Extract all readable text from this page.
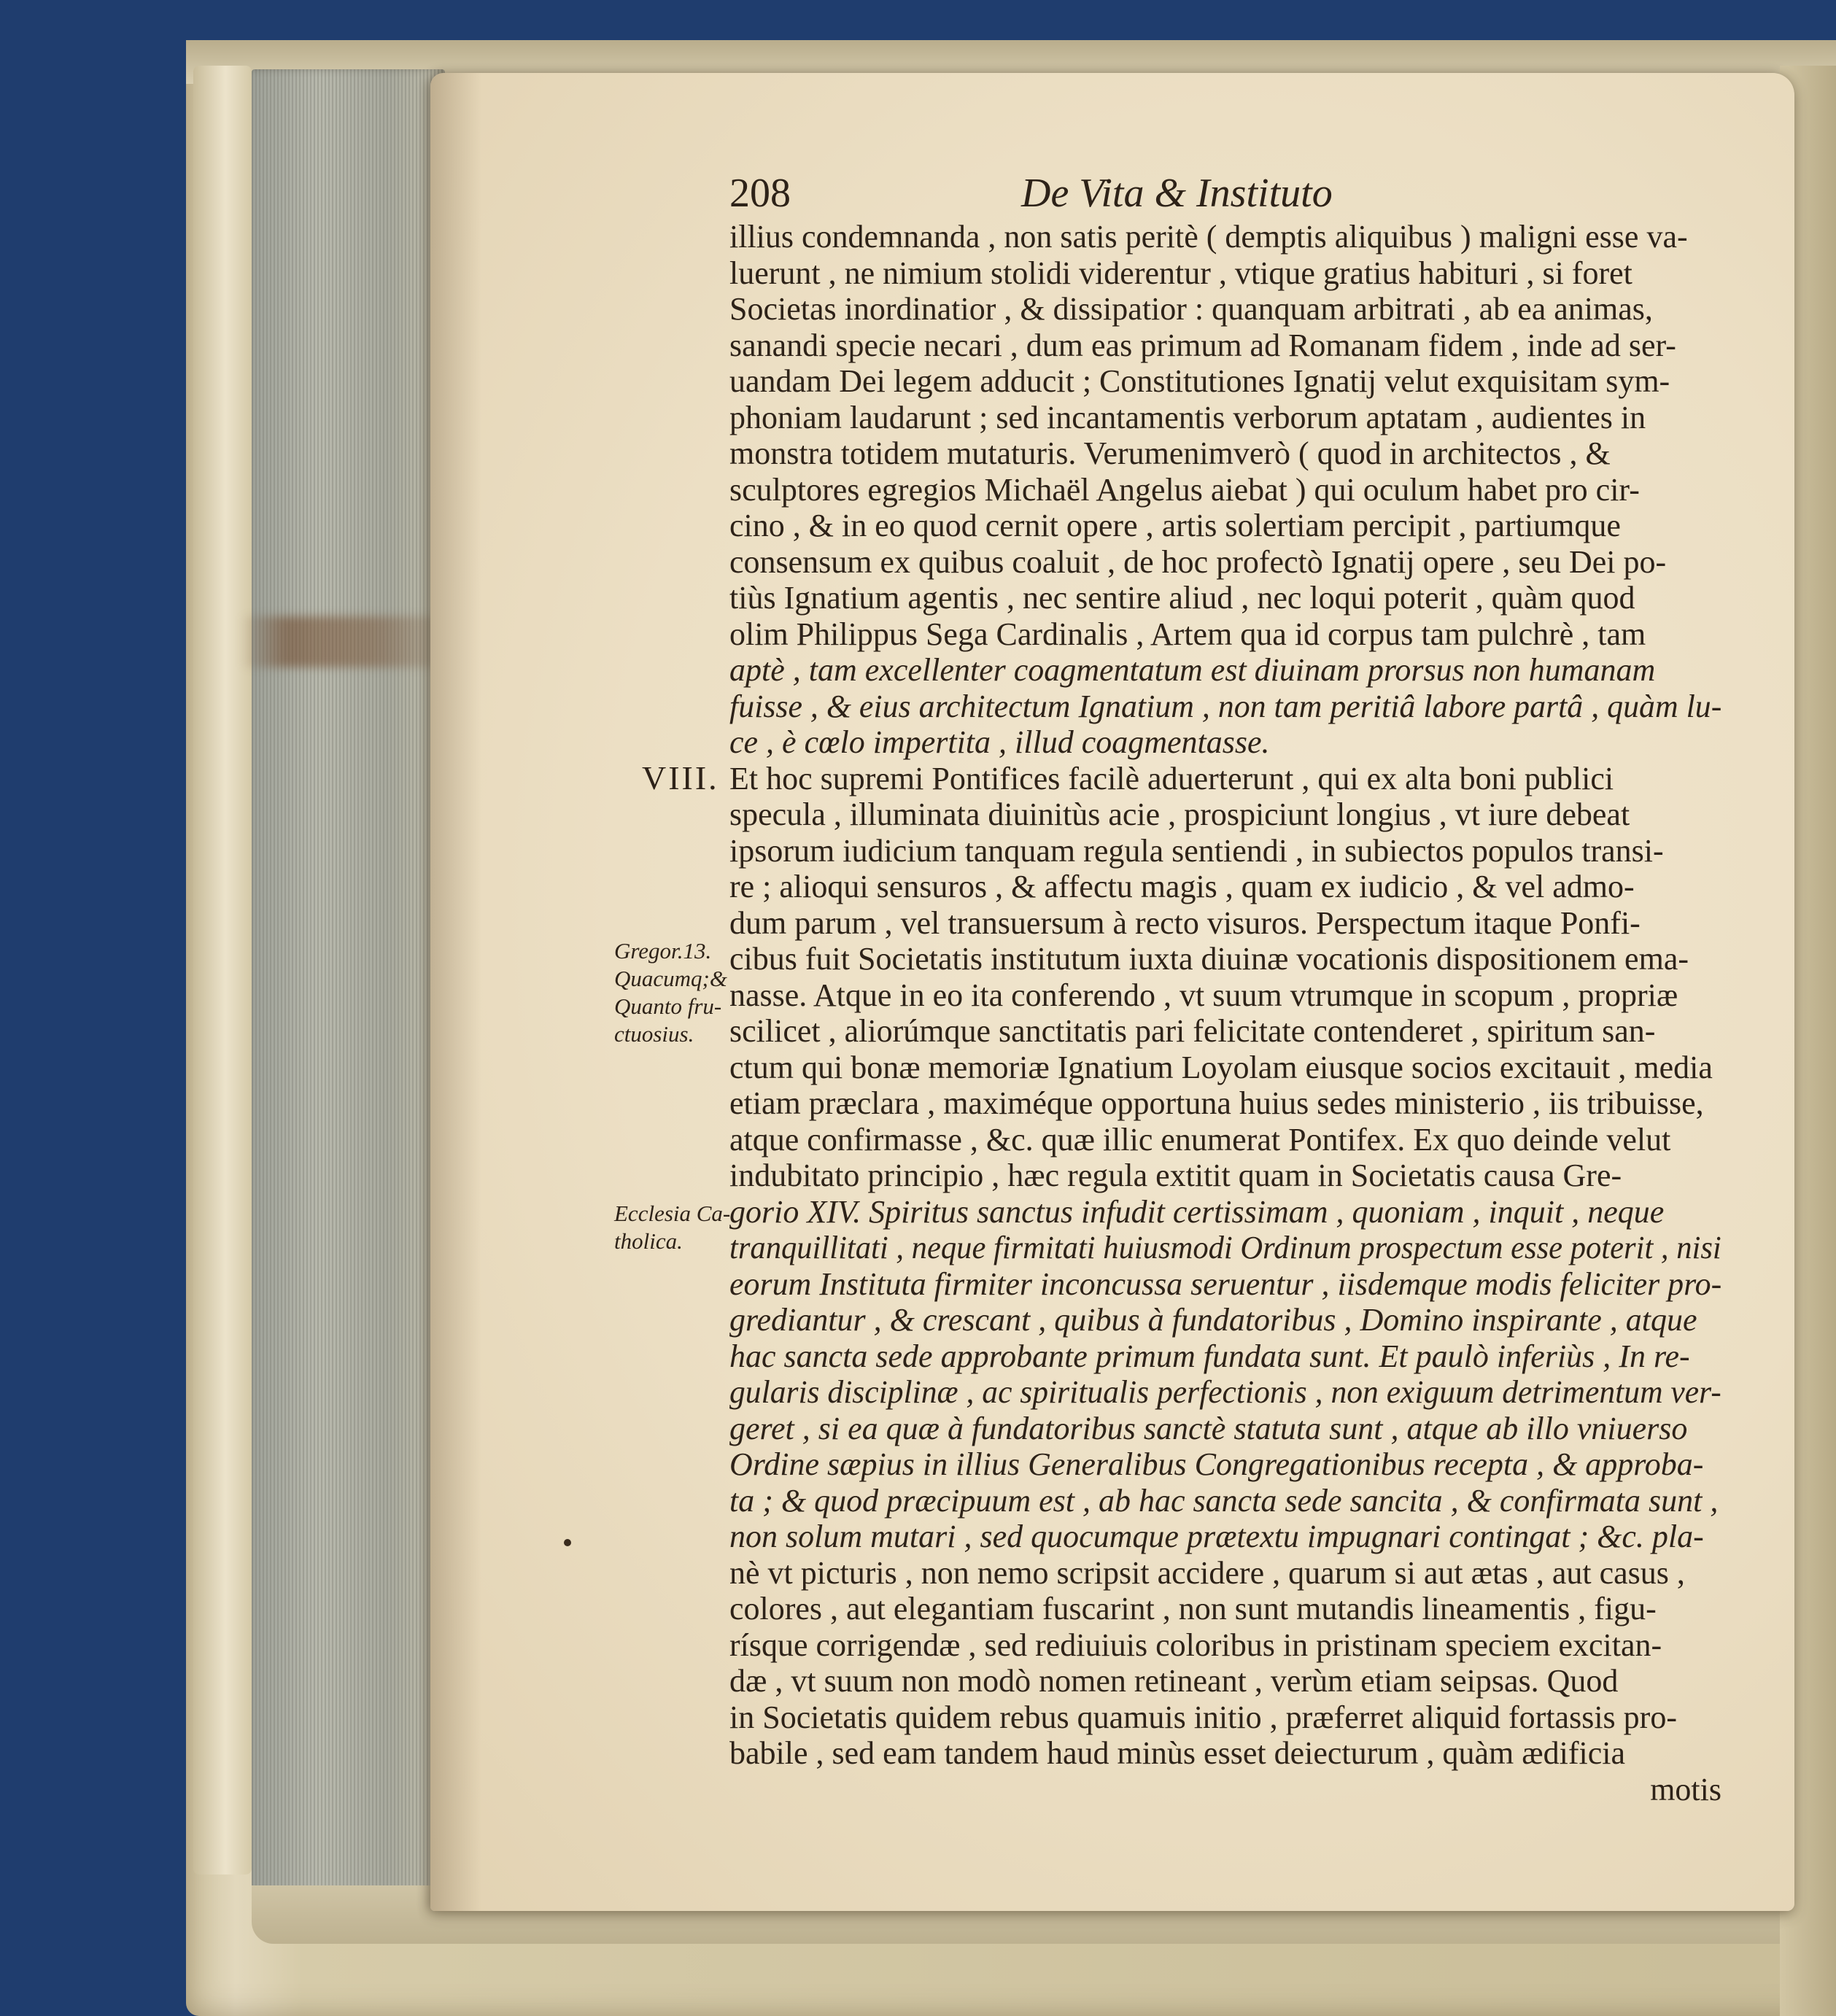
208	De Vita & Instituto
VIII.
Gregor.13.
Quacumq;&
Quanto fru-
ctuosius.
Ecclesia Ca-
tholica.
illius condemnanda , non satis peritè ( demptis aliquibus ) maligni esse va-
luerunt , ne nimium stolidi viderentur , vtique gratius habituri , si foret
Societas inordinatior , & dissipatior : quanquam arbitrati , ab ea animas,
sanandi specie necari , dum eas primum ad Romanam fidem , inde ad ser-
uandam Dei legem adducit ; Constitutiones Ignatij velut exquisitam sym-
phoniam laudarunt ; sed incantamentis verborum aptatam , audientes in
monstra totidem mutaturis. Verumenimverò ( quod in architectos , &
sculptores egregios Michaël Angelus aiebat ) qui oculum habet pro cir-
cino , & in eo quod cernit opere , artis solertiam percipit , partiumque
consensum ex quibus coaluit , de hoc profectò Ignatij opere , seu Dei po-
tiùs Ignatium agentis , nec sentire aliud , nec loqui poterit , quàm quod
olim Philippus Sega Cardinalis , Artem qua id corpus tam pulchrè , tam
aptè , tam excellenter coagmentatum est diuinam prorsus non humanam
fuisse , & eius architectum Ignatium , non tam peritiâ labore partâ , quàm lu-
ce , è cœlo impertita , illud coagmentasse.
Et hoc supremi Pontifices facilè aduerterunt , qui ex alta boni publici
specula , illuminata diuinitùs acie , prospiciunt longius , vt iure debeat
ipsorum iudicium tanquam regula sentiendi , in subiectos populos transi-
re ; alioqui sensuros , & affectu magis , quam ex iudicio , & vel admo-
dum parum , vel transuersum à recto visuros. Perspectum itaque Ponfi-
cibus fuit Societatis institutum iuxta diuinæ vocationis dispositionem ema-
nasse. Atque in eo ita conferendo , vt suum vtrumque in scopum , propriæ
scilicet , aliorúmque sanctitatis pari felicitate contenderet , spiritum san-
ctum qui bonæ memoriæ Ignatium Loyolam eiusque socios excitauit , media
etiam præclara , maximéque opportuna huius sedes ministerio , iis tribuisse,
atque confirmasse , &c. quæ illic enumerat Pontifex. Ex quo deinde velut
indubitato principio , hæc regula extitit quam in Societatis causa Gre-
gorio XIV. Spiritus sanctus infudit certissimam , quoniam , inquit , neque
tranquillitati , neque firmitati huiusmodi Ordinum prospectum esse poterit , nisi
eorum Instituta firmiter inconcussa seruentur , iisdemque modis feliciter pro-
grediantur , & crescant , quibus à fundatoribus , Domino inspirante , atque
hac sancta sede approbante primum fundata sunt. Et paulò inferiùs , In re-
gularis disciplinæ , ac spiritualis perfectionis , non exiguum detrimentum ver-
geret , si ea quæ à fundatoribus sanctè statuta sunt , atque ab illo vniuerso
Ordine sæpius in illius Generalibus Congregationibus recepta , & approba-
ta ; & quod præcipuum est , ab hac sancta sede sancita , & confirmata sunt ,
non solum mutari , sed quocumque prætextu impugnari contingat ; &c. pla-
nè vt picturis , non nemo scripsit accidere , quarum si aut ætas , aut casus ,
colores , aut elegantiam fuscarint , non sunt mutandis lineamentis , figu-
rísque corrigendæ , sed rediuiuis coloribus in pristinam speciem excitan-
dæ , vt suum non modò nomen retineant , verùm etiam seipsas. Quod
in Societatis quidem rebus quamuis initio , præferret aliquid fortassis pro-
babile , sed eam tandem haud minùs esset deiecturum , quàm ædificia
motis
